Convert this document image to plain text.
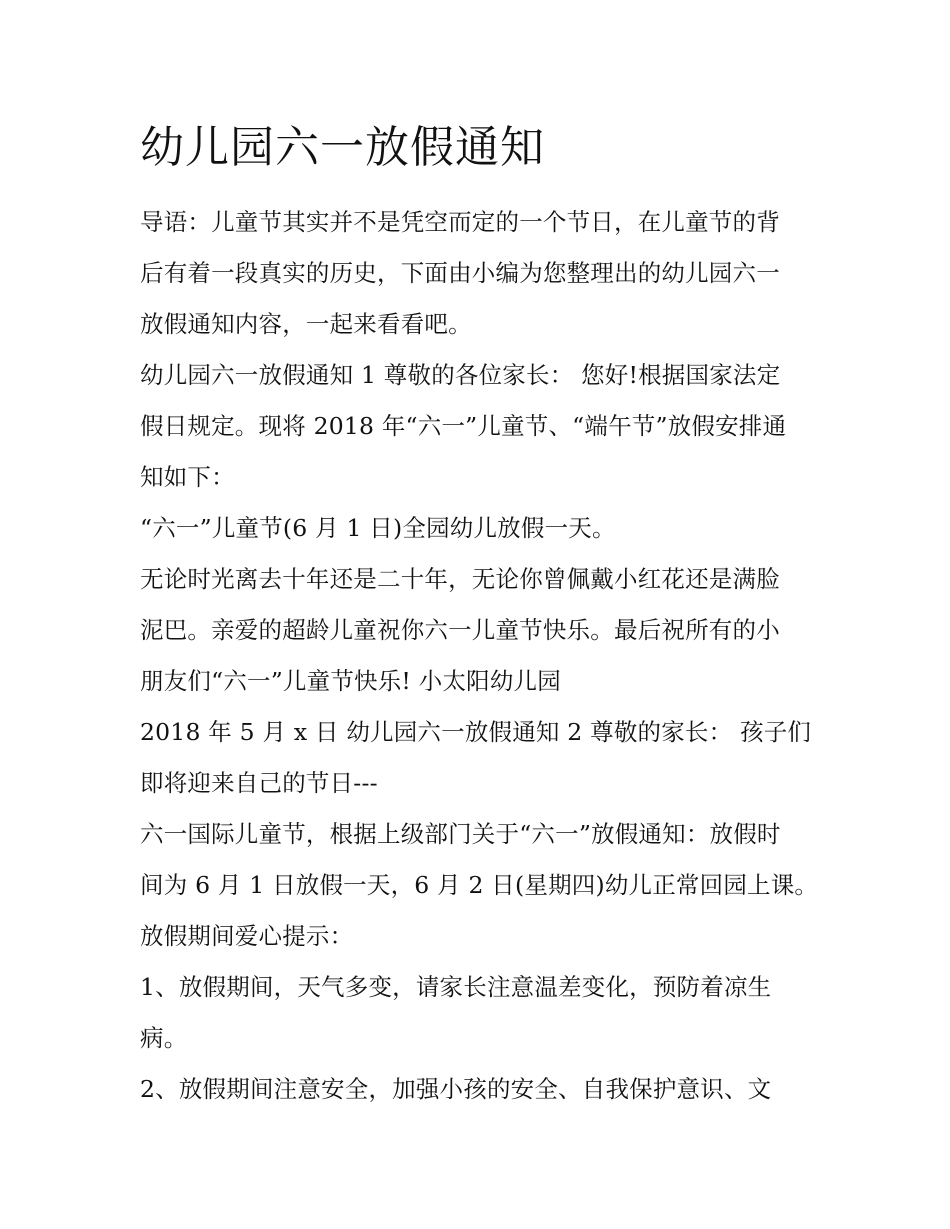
幼儿园六一放假通知

导语：儿童节其实并不是凭空而定的一个节日，在儿童节的背

后有着一段真实的历史，下面由小编为您整理出的幼儿园六一

放假通知内容，一起来看看吧。

幼儿园六一放假通知 1 尊敬的各位家长： 您好!根据国家法定

假日规定。现将 2018 年“六一”儿童节、“端午节”放假安排通

知如下：

“六一”儿童节(6 月 1 日)全园幼儿放假一天。

无论时光离去十年还是二十年，无论你曾佩戴小红花还是满脸

泥巴。亲爱的超龄儿童祝你六一儿童节快乐。最后祝所有的小

朋友们“六一”儿童节快乐! 小太阳幼儿园

2018 年 5 月 x 日 幼儿园六一放假通知 2 尊敬的家长： 孩子们

即将迎来自己的节日---

六一国际儿童节，根据上级部门关于“六一”放假通知：放假时

间为 6 月 1 日放假一天，6 月 2 日(星期四)幼儿正常回园上课。

放假期间爱心提示：

1、放假期间，天气多变，请家长注意温差变化，预防着凉生

病。

2、放假期间注意安全，加强小孩的安全、自我保护意识、文
